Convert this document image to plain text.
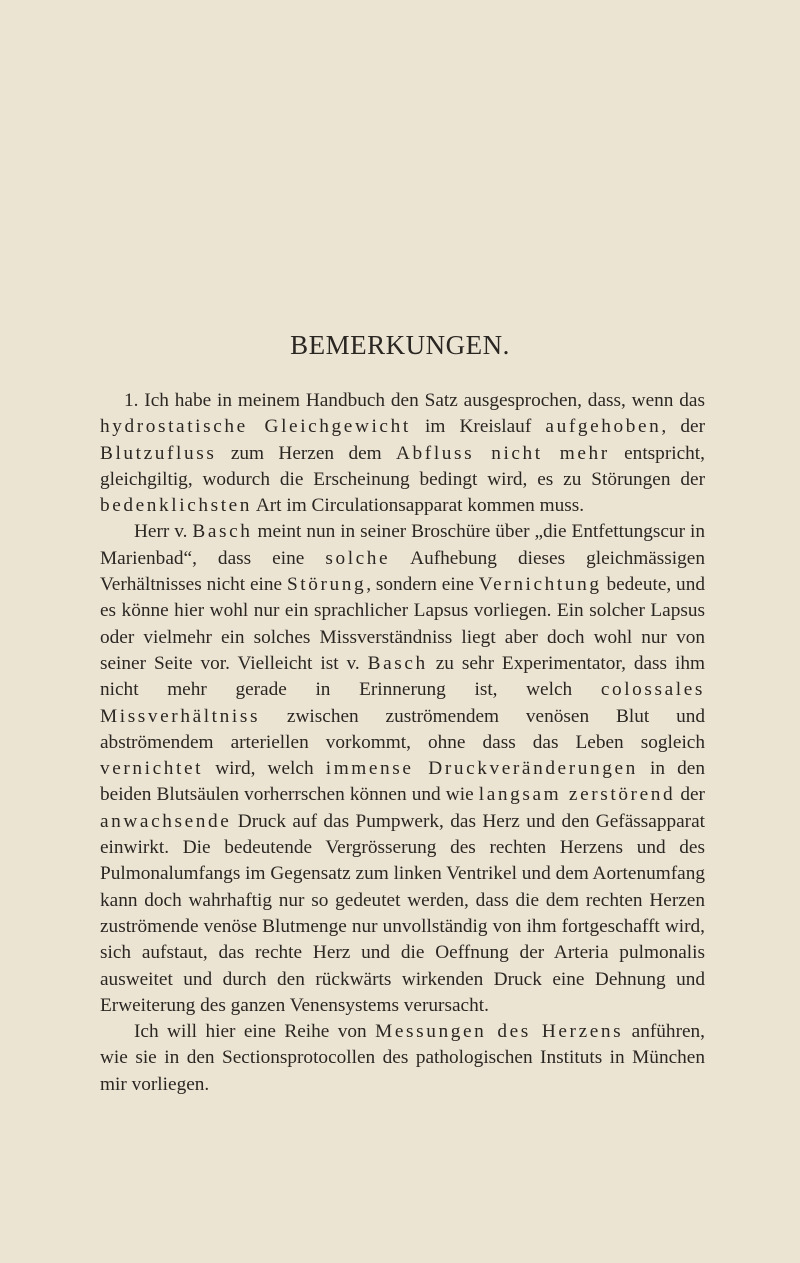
BEMERKUNGEN.

1. Ich habe in meinem Handbuch den Satz ausgesprochen, dass, wenn das hydrostatische Gleichgewicht im Kreislauf aufgehoben, der Blutzufluss zum Herzen dem Abfluss nicht mehr entspricht, gleichgiltig, wodurch die Erscheinung bedingt wird, es zu Störungen der bedenklichsten Art im Circulationsapparat kommen muss.

Herr v. Basch meint nun in seiner Broschüre über „die Entfettungscur in Marienbad“, dass eine solche Aufhebung dieses gleichmässigen Verhältnisses nicht eine Störung, sondern eine Vernichtung bedeute, und es könne hier wohl nur ein sprachlicher Lapsus vorliegen. Ein solcher Lapsus oder vielmehr ein solches Missverständniss liegt aber doch wohl nur von seiner Seite vor. Vielleicht ist v. Basch zu sehr Experimentator, dass ihm nicht mehr gerade in Erinnerung ist, welch colossales Missverhältniss zwischen zuströmendem venösen Blut und abströmendem arteriellen vorkommt, ohne dass das Leben sogleich vernichtet wird, welch immense Druckveränderungen in den beiden Blutsäulen vorherrschen können und wie langsam zerstörend der anwachsende Druck auf das Pumpwerk, das Herz und den Gefässapparat einwirkt. Die bedeutende Vergrösserung des rechten Herzens und des Pulmonalumfangs im Gegensatz zum linken Ventrikel und dem Aortenumfang kann doch wahrhaftig nur so gedeutet werden, dass die dem rechten Herzen zuströmende venöse Blutmenge nur unvollständig von ihm fortgeschafft wird, sich aufstaut, das rechte Herz und die Oeffnung der Arteria pulmonalis ausweitet und durch den rückwärts wirkenden Druck eine Dehnung und Erweiterung des ganzen Venensystems verursacht.

Ich will hier eine Reihe von Messungen des Herzens anführen, wie sie in den Sectionsprotocollen des pathologischen Instituts in München mir vorliegen.
